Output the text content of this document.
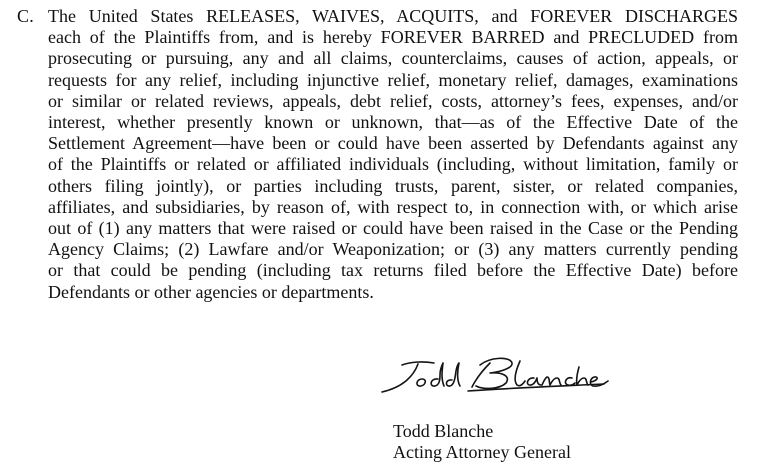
C. The United States RELEASES, WAIVES, ACQUITS, and FOREVER DISCHARGES
each of the Plaintiffs from, and is hereby FOREVER BARRED and PRECLUDED from
prosecuting or pursuing, any and all claims, counterclaims, causes of action, appeals, or
requests for any relief, including injunctive relief, monetary relief, damages, examinations
or similar or related reviews, appeals, debt relief, costs, attorney’s fees, expenses, and/or
interest, whether presently known or unknown, that—as of the Effective Date of the
Settlement Agreement—have been or could have been asserted by Defendants against any
of the Plaintiffs or related or affiliated individuals (including, without limitation, family or
others filing jointly), or parties including trusts, parent, sister, or related companies,
affiliates, and subsidiaries, by reason of, with respect to, in connection with, or which arise
out of (1) any matters that were raised or could have been raised in the Case or the Pending
Agency Claims; (2) Lawfare and/or Weaponization; or (3) any matters currently pending
or that could be pending (including tax returns filed before the Effective Date) before
Defendants or other agencies or departments.
Todd Blanche
Acting Attorney General
